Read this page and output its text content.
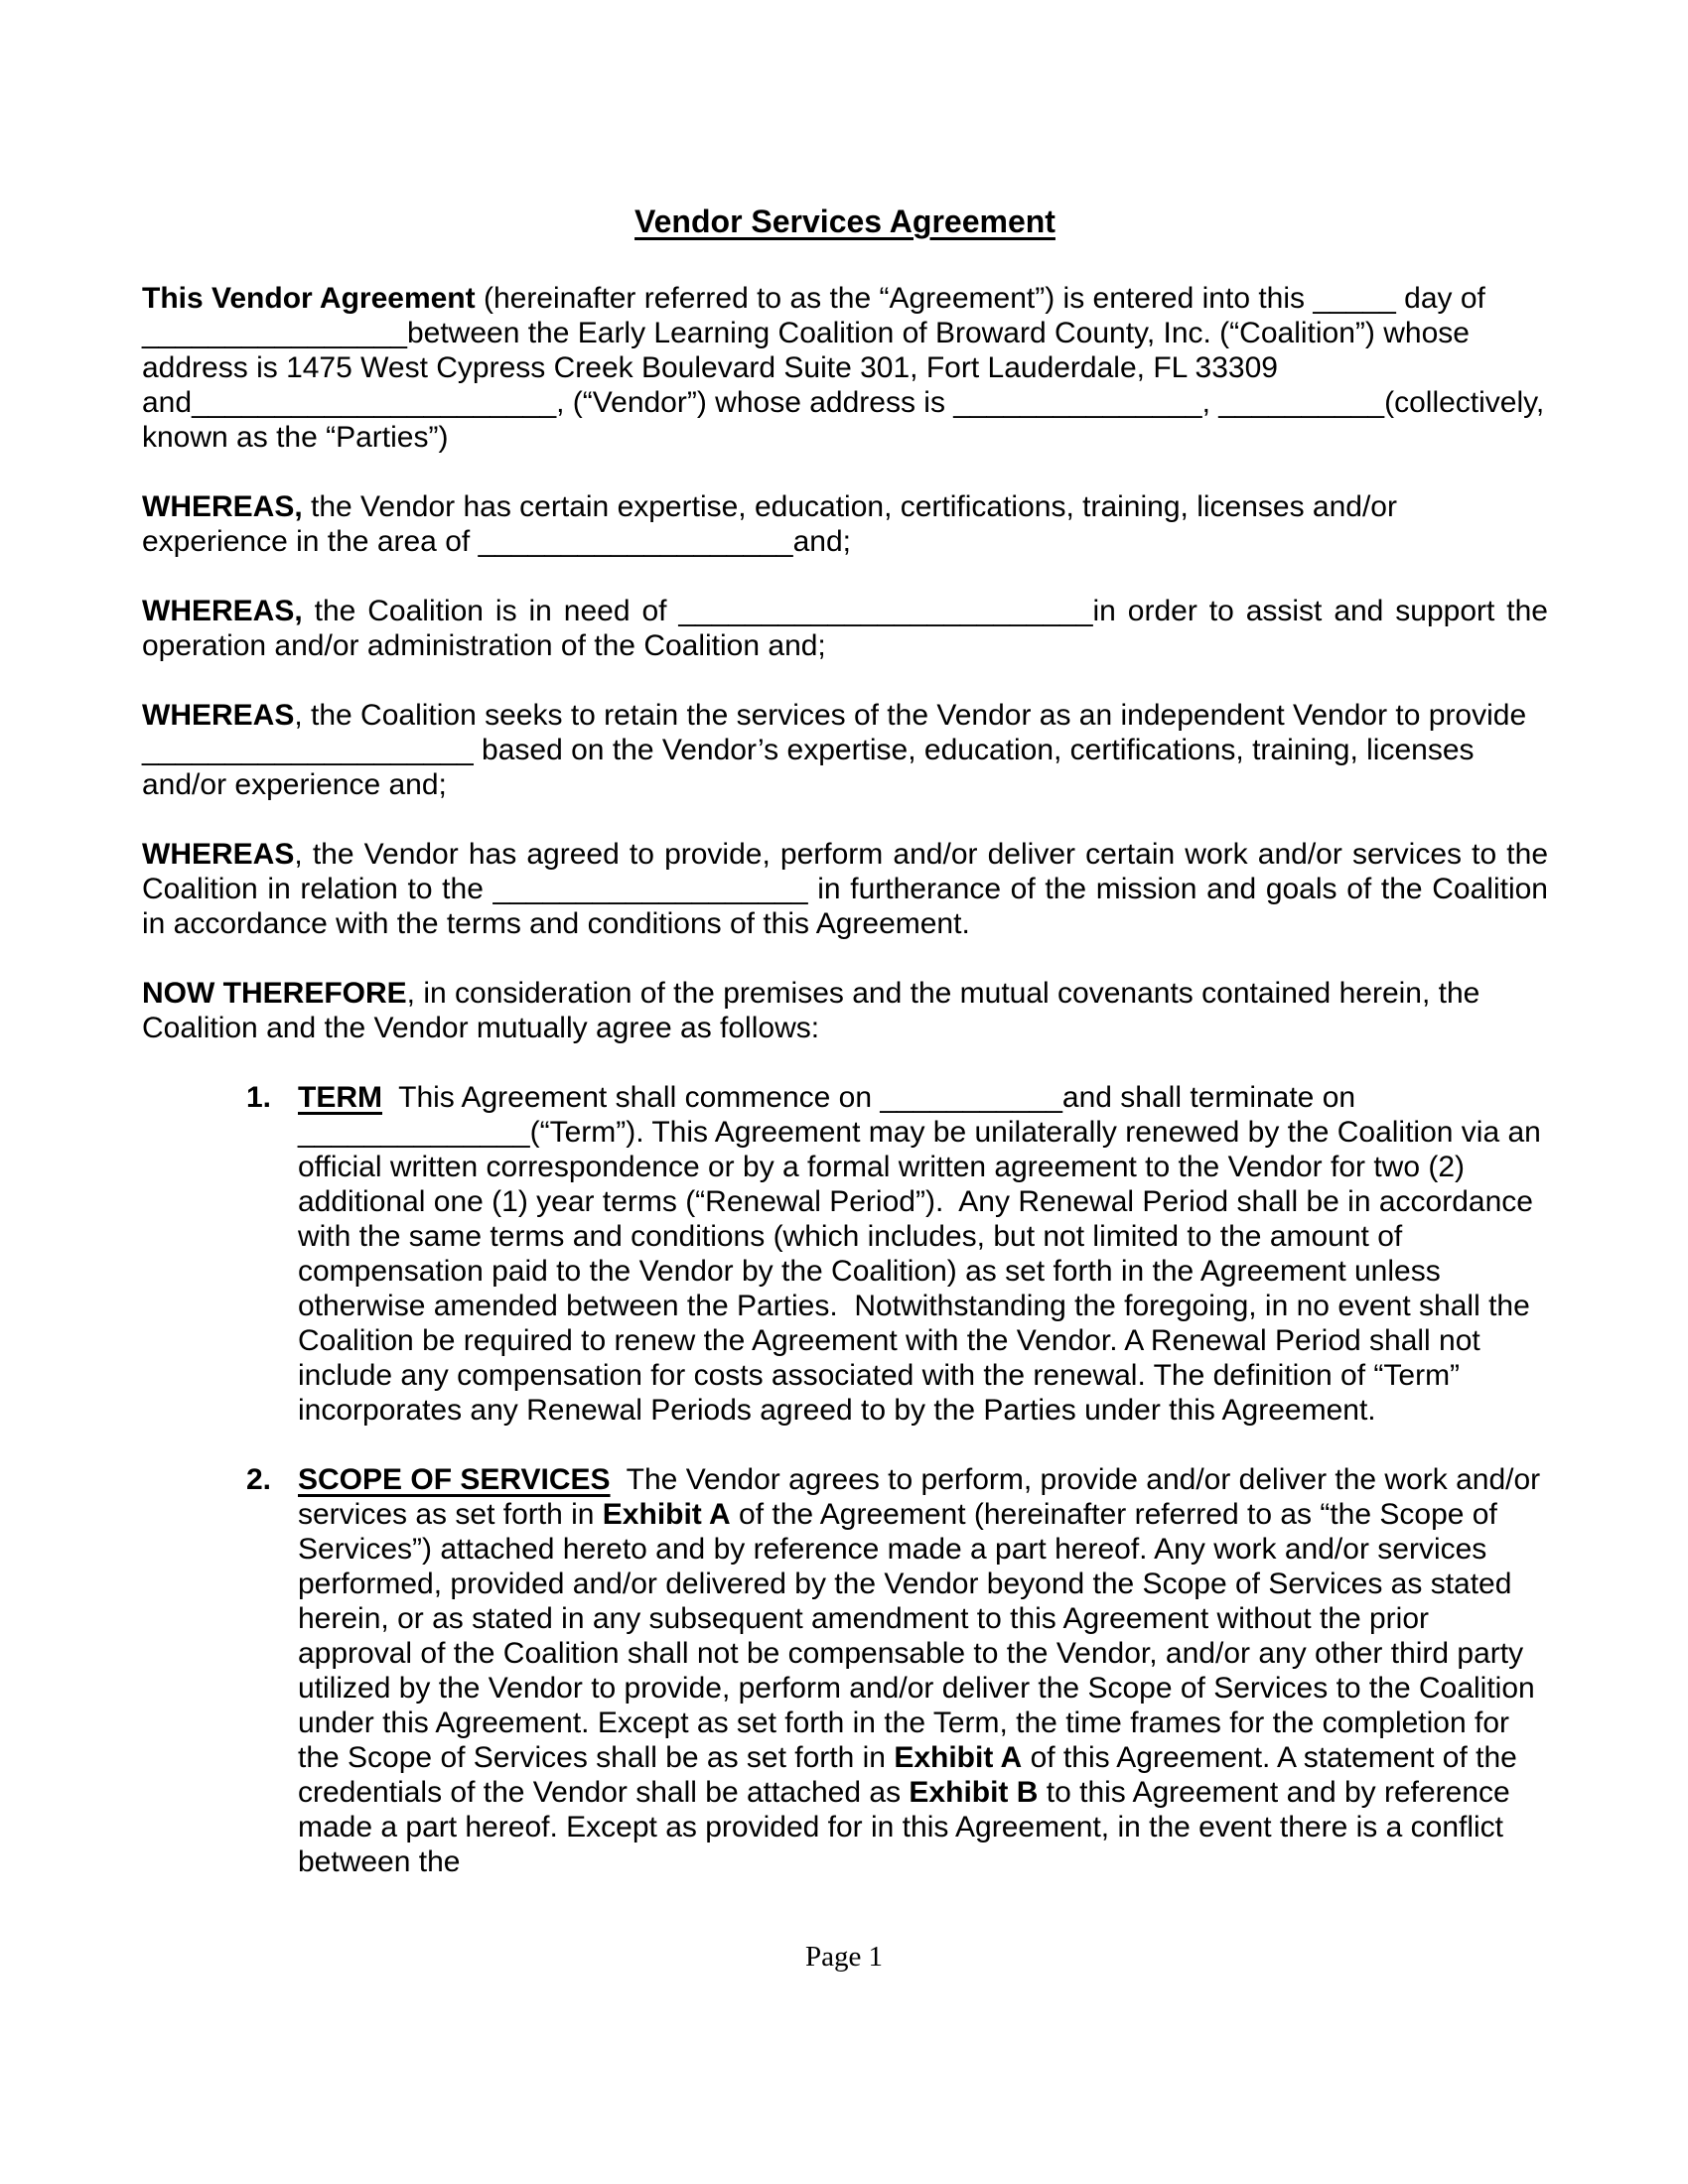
Vendor Services Agreement

This Vendor Agreement (hereinafter referred to as the “Agreement”) is entered into this _____ day of ________________between the Early Learning Coalition of Broward County, Inc. (“Coalition”) whose address is 1475 West Cypress Creek Boulevard Suite 301, Fort Lauderdale, FL 33309 and______________________, (“Vendor”) whose address is _______________, __________(collectively, known as the “Parties”)

WHEREAS, the Vendor has certain expertise, education, certifications, training, licenses and/or experience in the area of ___________________and;

WHEREAS, the Coalition is in need of _________________________in order to assist and support the operation and/or administration of the Coalition and;

WHEREAS, the Coalition seeks to retain the services of the Vendor as an independent Vendor to provide ____________________ based on the Vendor’s expertise, education, certifications, training, licenses and/or experience and;

WHEREAS, the Vendor has agreed to provide, perform and/or deliver certain work and/or services to the Coalition in relation to the ___________________ in furtherance of the mission and goals of the Coalition in accordance with the terms and conditions of this Agreement.

NOW THEREFORE, in consideration of the premises and the mutual covenants contained herein, the Coalition and the Vendor mutually agree as follows:

1. TERM  This Agreement shall commence on ___________and shall terminate on ______________(“Term”). This Agreement may be unilaterally renewed by the Coalition via an official written correspondence or by a formal written agreement to the Vendor for two (2) additional one (1) year terms (“Renewal Period”).  Any Renewal Period shall be in accordance with the same terms and conditions (which includes, but not limited to the amount of compensation paid to the Vendor by the Coalition) as set forth in the Agreement unless otherwise amended between the Parties.  Notwithstanding the foregoing, in no event shall the Coalition be required to renew the Agreement with the Vendor. A Renewal Period shall not include any compensation for costs associated with the renewal. The definition of “Term” incorporates any Renewal Periods agreed to by the Parties under this Agreement.
2. SCOPE OF SERVICES  The Vendor agrees to perform, provide and/or deliver the work and/or services as set forth in Exhibit A of the Agreement (hereinafter referred to as “the Scope of Services”) attached hereto and by reference made a part hereof. Any work and/or services performed, provided and/or delivered by the Vendor beyond the Scope of Services as stated herein, or as stated in any subsequent amendment to this Agreement without the prior approval of the Coalition shall not be compensable to the Vendor, and/or any other third party utilized by the Vendor to provide, perform and/or deliver the Scope of Services to the Coalition under this Agreement. Except as set forth in the Term, the time frames for the completion for the Scope of Services shall be as set forth in Exhibit A of this Agreement. A statement of the credentials of the Vendor shall be attached as Exhibit B to this Agreement and by reference made a part hereof. Except as provided for in this Agreement, in the event there is a conflict between the
Page 1
